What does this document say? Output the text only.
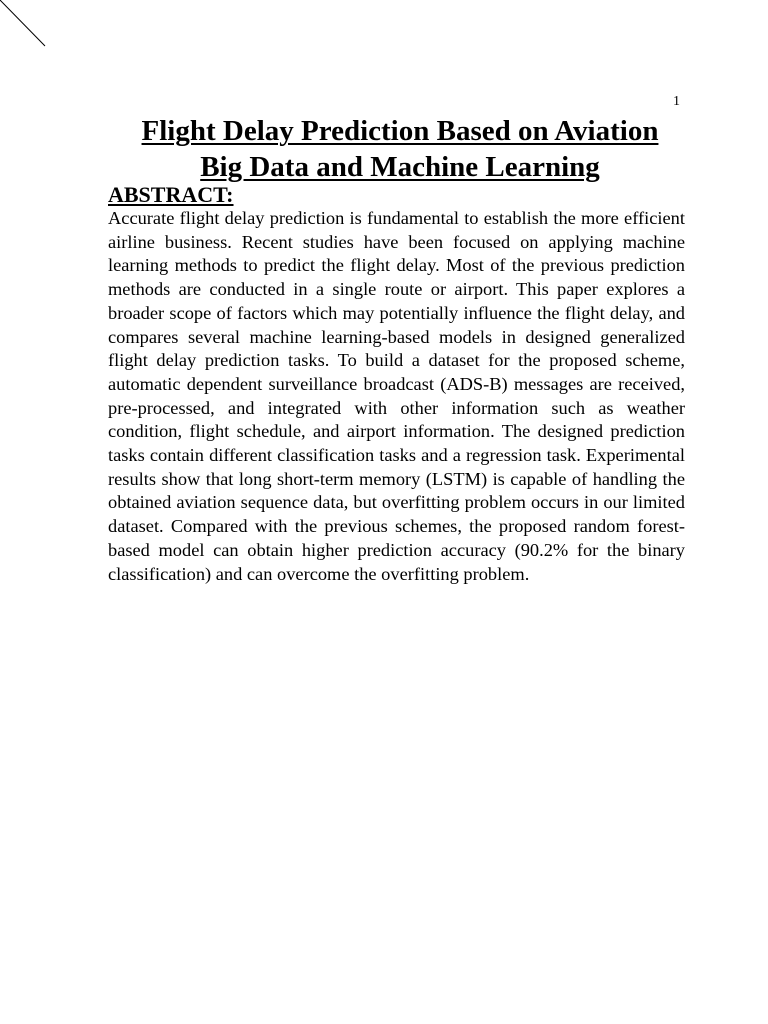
1
Flight Delay Prediction Based on Aviation
Big Data and Machine Learning
ABSTRACT:

Accurate flight delay prediction is fundamental to establish the more efficient airline business. Recent studies have been focused on applying machine learning methods to predict the flight delay. Most of the previous prediction methods are conducted in a single route or airport. This paper explores a broader scope of factors which may potentially influence the flight delay, and compares several machine learning-based models in designed generalized flight delay prediction tasks. To build a dataset for the proposed scheme, automatic dependent surveillance broadcast (ADS-B) messages are received, pre-processed, and integrated with other information such as weather condition, flight schedule, and airport information. The designed prediction tasks contain different classification tasks and a regression task. Experimental results show that long short-term memory (LSTM) is capable of handling the obtained aviation sequence data, but overfitting problem occurs in our limited dataset. Compared with the previous schemes, the proposed random forest-based model can obtain higher prediction accuracy (90.2% for the binary classification) and can overcome the overfitting problem.
